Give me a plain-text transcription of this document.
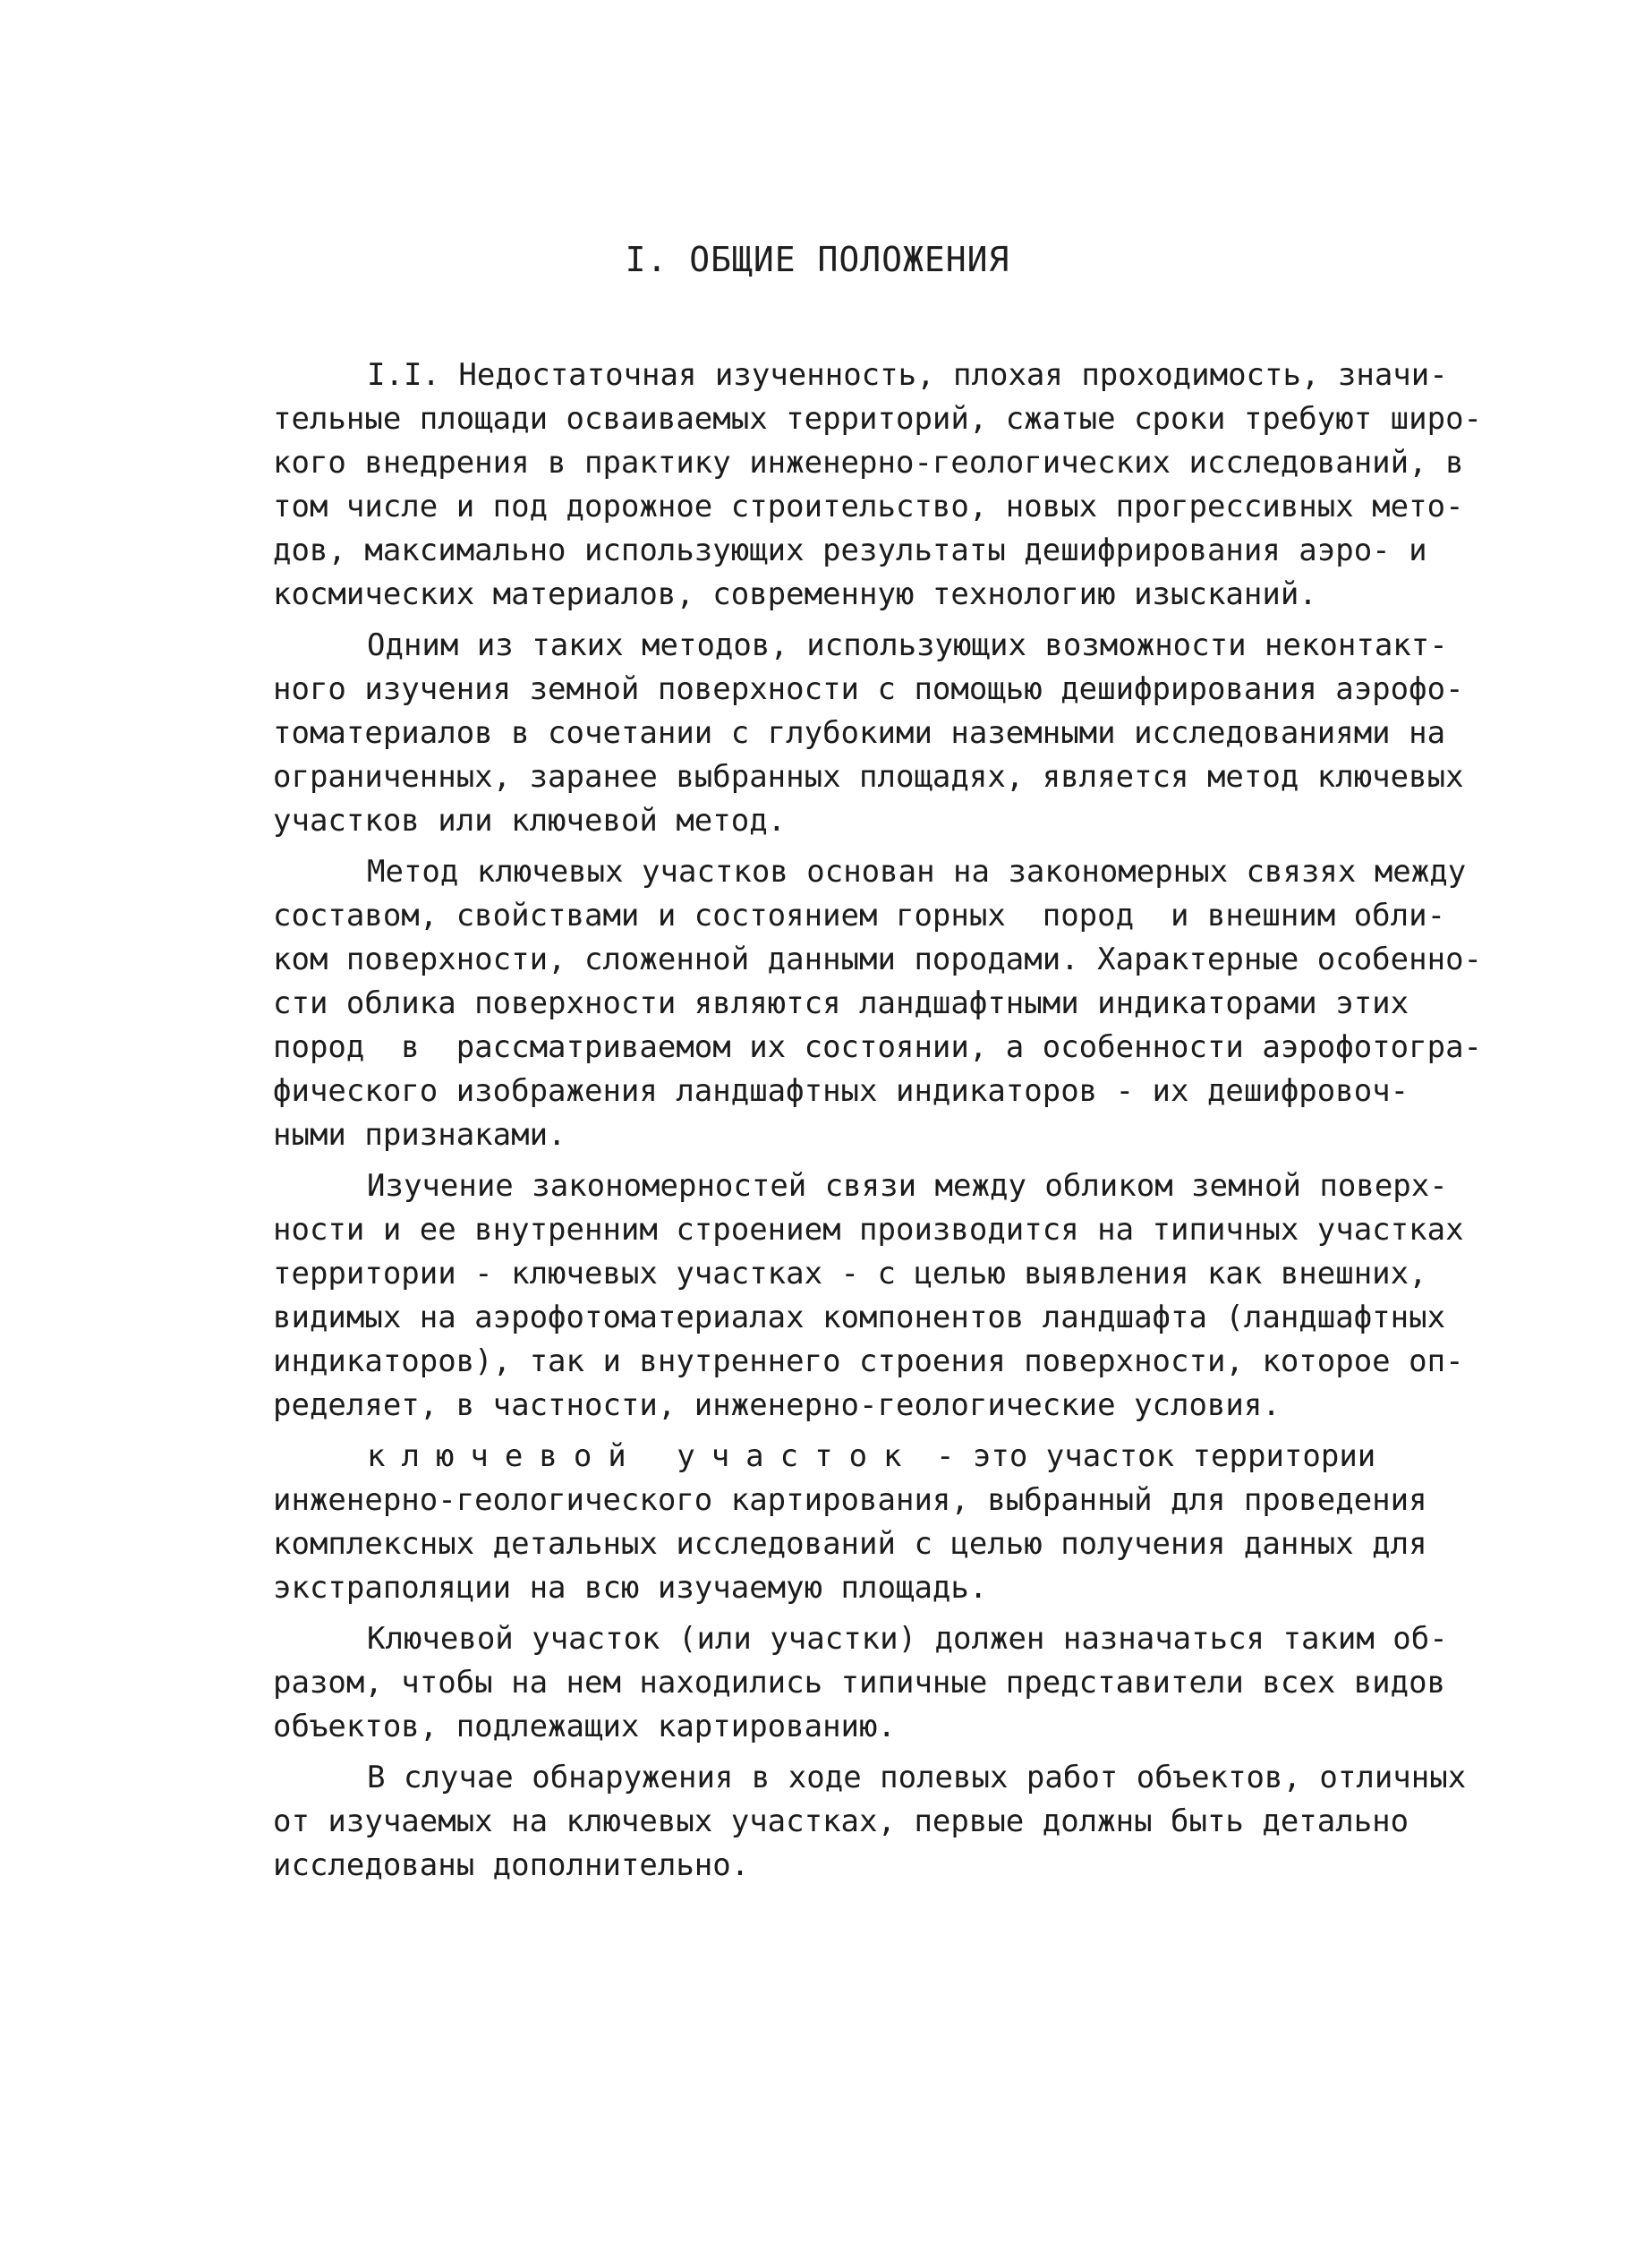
I. ОБЩИЕ ПОЛОЖЕНИЯ
I.I. Недостаточная изученность, плохая проходимость, значи-
тельные площади осваиваемых территорий, сжатые сроки требуют широ-
кого внедрения в практику инженерно-геологических исследований, в
том числе и под дорожное строительство, новых прогрессивных мето-
дов, максимально использующих результаты дешифрирования аэро- и
космических материалов, современную технологию изысканий.
Одним из таких методов, использующих возможности неконтакт-
ного изучения земной поверхности с помощью дешифрирования аэрофо-
томатериалов в сочетании с глубокими наземными исследованиями на
ограниченных, заранее выбранных площадях, является метод ключевых
участков или ключевой метод.
Метод ключевых участков основан на закономерных связях между
составом, свойствами и состоянием горных  пород  и внешним обли-
ком поверхности, сложенной данными породами. Характерные особенно-
сти облика поверхности являются ландшафтными индикаторами этих
пород  в  рассматриваемом их состоянии, а особенности аэрофотогра-
фического изображения ландшафтных индикаторов - их дешифровоч-
ными признаками.
Изучение закономерностей связи между обликом земной поверх-
ности и ее внутренним строением производится на типичных участках
территории - ключевых участках - с целью выявления как внешних,
видимых на аэрофотоматериалах компонентов ландшафта (ландшафтных
индикаторов), так и внутреннего строения поверхности, которое оп-
ределяет, в частности, инженерно-геологические условия.
ключевой участок - это участок территории
инженерно-геологического картирования, выбранный для проведения
комплексных детальных исследований с целью получения данных для
экстраполяции на всю изучаемую площадь.
Ключевой участок (или участки) должен назначаться таким об-
разом, чтобы на нем находились типичные представители всех видов
объектов, подлежащих картированию.
В случае обнаружения в ходе полевых работ объектов, отличных
от изучаемых на ключевых участках, первые должны быть детально
исследованы дополнительно.
